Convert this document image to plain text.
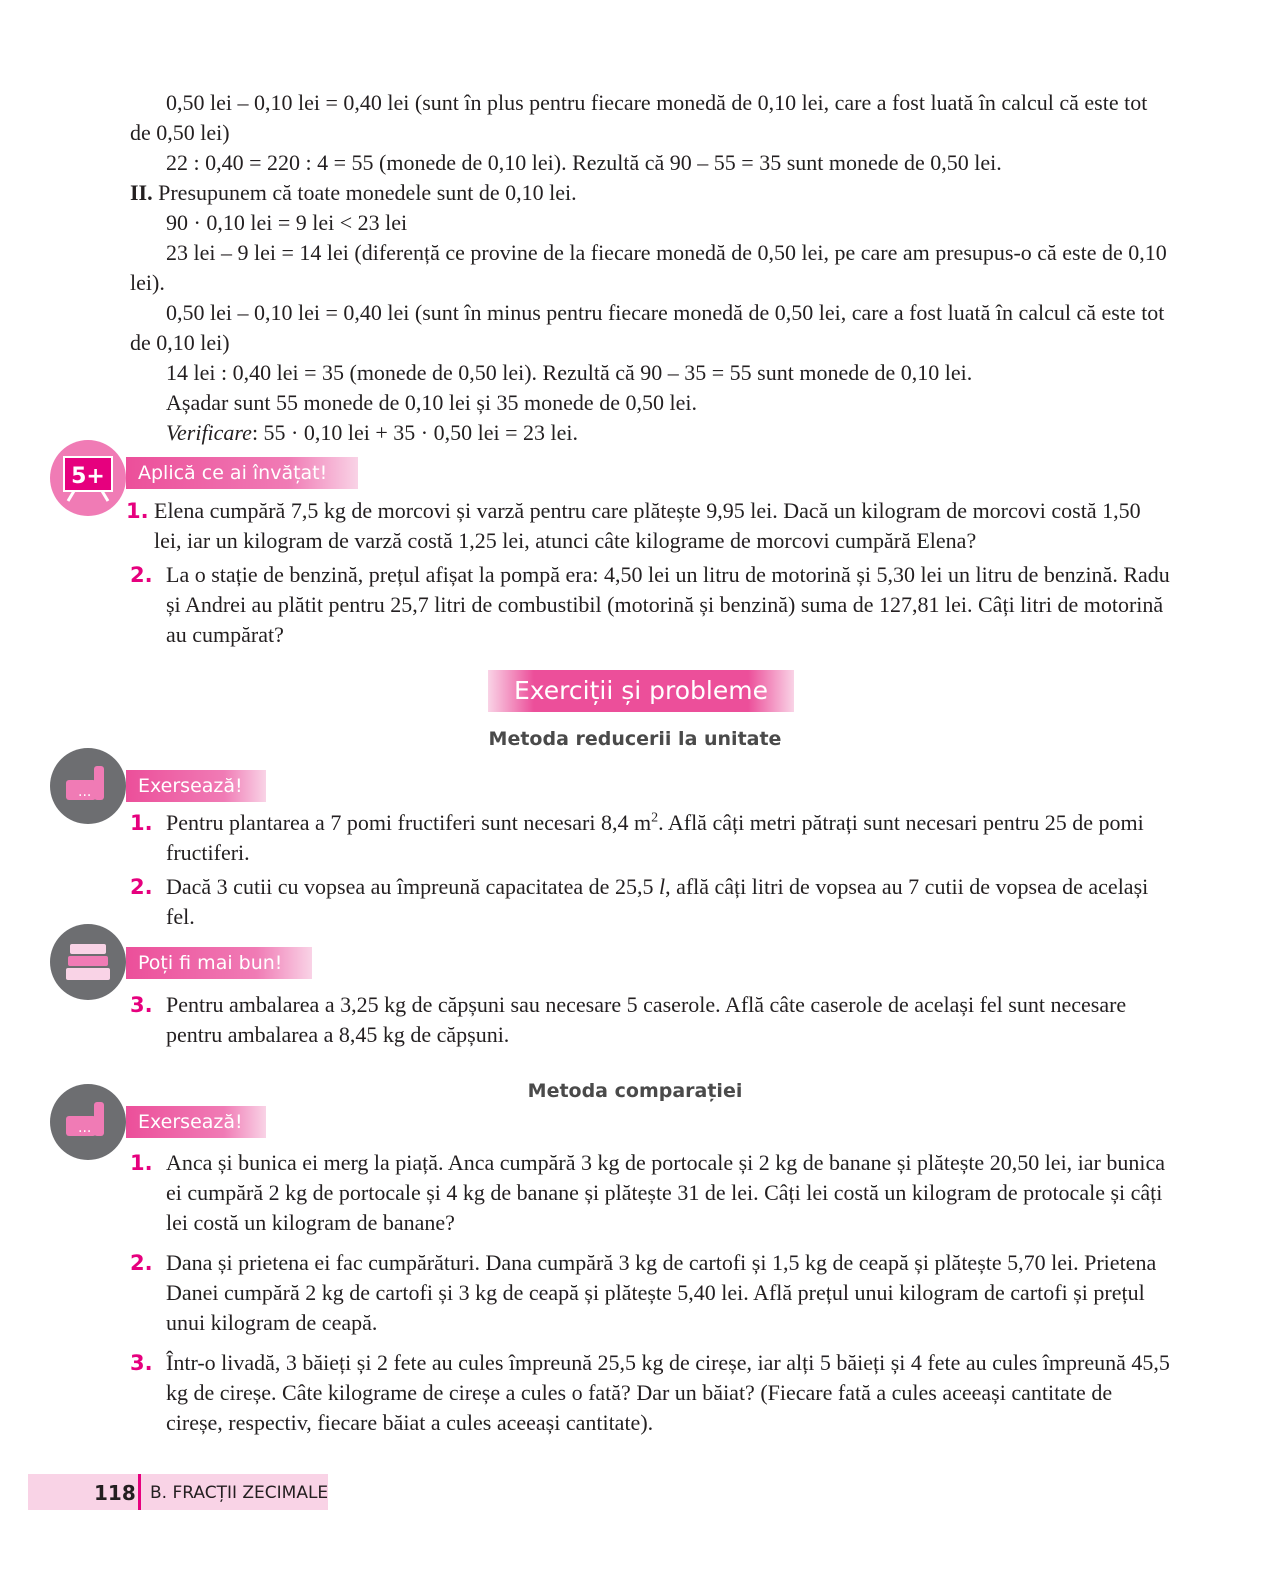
0,50 lei – 0,10 lei = 0,40 lei (sunt în plus pentru fiecare monedă de 0,10 lei, care a fost luată în calcul că este tot de 0,50 lei)

22 : 0,40 = 220 : 4 = 55 (monede de 0,10 lei). Rezultă că 90 – 55 = 35 sunt monede de 0,50 lei.

II. Presupunem că toate monedele sunt de 0,10 lei.

90 · 0,10 lei = 9 lei < 23 lei

23 lei – 9 lei = 14 lei (diferență ce provine de la fiecare monedă de 0,50 lei, pe care am presupus-o că este de 0,10 lei).

0,50 lei – 0,10 lei = 0,40 lei (sunt în minus pentru fiecare monedă de 0,50 lei, care a fost luată în calcul că este tot de 0,10 lei)

14 lei : 0,40 lei = 35 (monede de 0,50 lei). Rezultă că 90 – 35 = 55 sunt monede de 0,10 lei.

Așadar sunt 55 monede de 0,10 lei și 35 monede de 0,50 lei.

Verificare: 55 · 0,10 lei + 35 · 0,50 lei = 23 lei.

5+	Aplică ce ai învățat!
1. Elena cumpără 7,5 kg de morcovi și varză pentru care plătește 9,95 lei. Dacă un kilogram de morcovi costă 1,50 lei, iar un kilogram de varză costă 1,25 lei, atunci câte kilograme de morcovi cumpără Elena?
2. La o stație de benzină, prețul afișat la pompă era: 4,50 lei un litru de motorină și 5,30 lei un litru de benzină. Radu și Andrei au plătit pentru 25,7 litri de combustibil (motorină și benzină) suma de 127,81 lei. Câți litri de motorină au cumpărat?
Exerciții și probleme
Metoda reducerii la unitate
...	Exersează!
1. Pentru plantarea a 7 pomi fructiferi sunt necesari 8,4 $m^2$. Află câți metri pătrați sunt necesari pentru 25 de pomi fructiferi.
2. Dacă 3 cutii cu vopsea au împreună capacitatea de 25,5 l, află câți litri de vopsea au 7 cutii de vopsea de același fel.
Poți fi mai bun!
3. Pentru ambalarea a 3,25 kg de căpșuni sau necesare 5 caserole. Află câte caserole de același fel sunt necesare pentru ambalarea a 8,45 kg de căpșuni.
Metoda comparației
...	Exersează!
1. Anca și bunica ei merg la piață. Anca cumpără 3 kg de portocale și 2 kg de banane și plătește 20,50 lei, iar bunica ei cumpără 2 kg de portocale și 4 kg de banane și plătește 31 de lei. Câți lei costă un kilogram de protocale și câți lei costă un kilogram de banane?
2. Dana și prietena ei fac cumpărături. Dana cumpără 3 kg de cartofi și 1,5 kg de ceapă și plătește 5,70 lei. Prietena Danei cumpără 2 kg de cartofi și 3 kg de ceapă și plătește 5,40 lei. Află prețul unui kilogram de cartofi și prețul unui kilogram de ceapă.
3. Într-o livadă, 3 băieți și 2 fete au cules împreună 25,5 kg de cireșe, iar alți 5 băieți și 4 fete au cules împreună 45,5 kg de cireșe. Câte kilograme de cireșe a cules o fată? Dar un băiat? (Fiecare fată a cules aceeași cantitate de cireșe, respectiv, fiecare băiat a cules aceeași cantitate).
118 B. FRACȚII ZECIMALE
